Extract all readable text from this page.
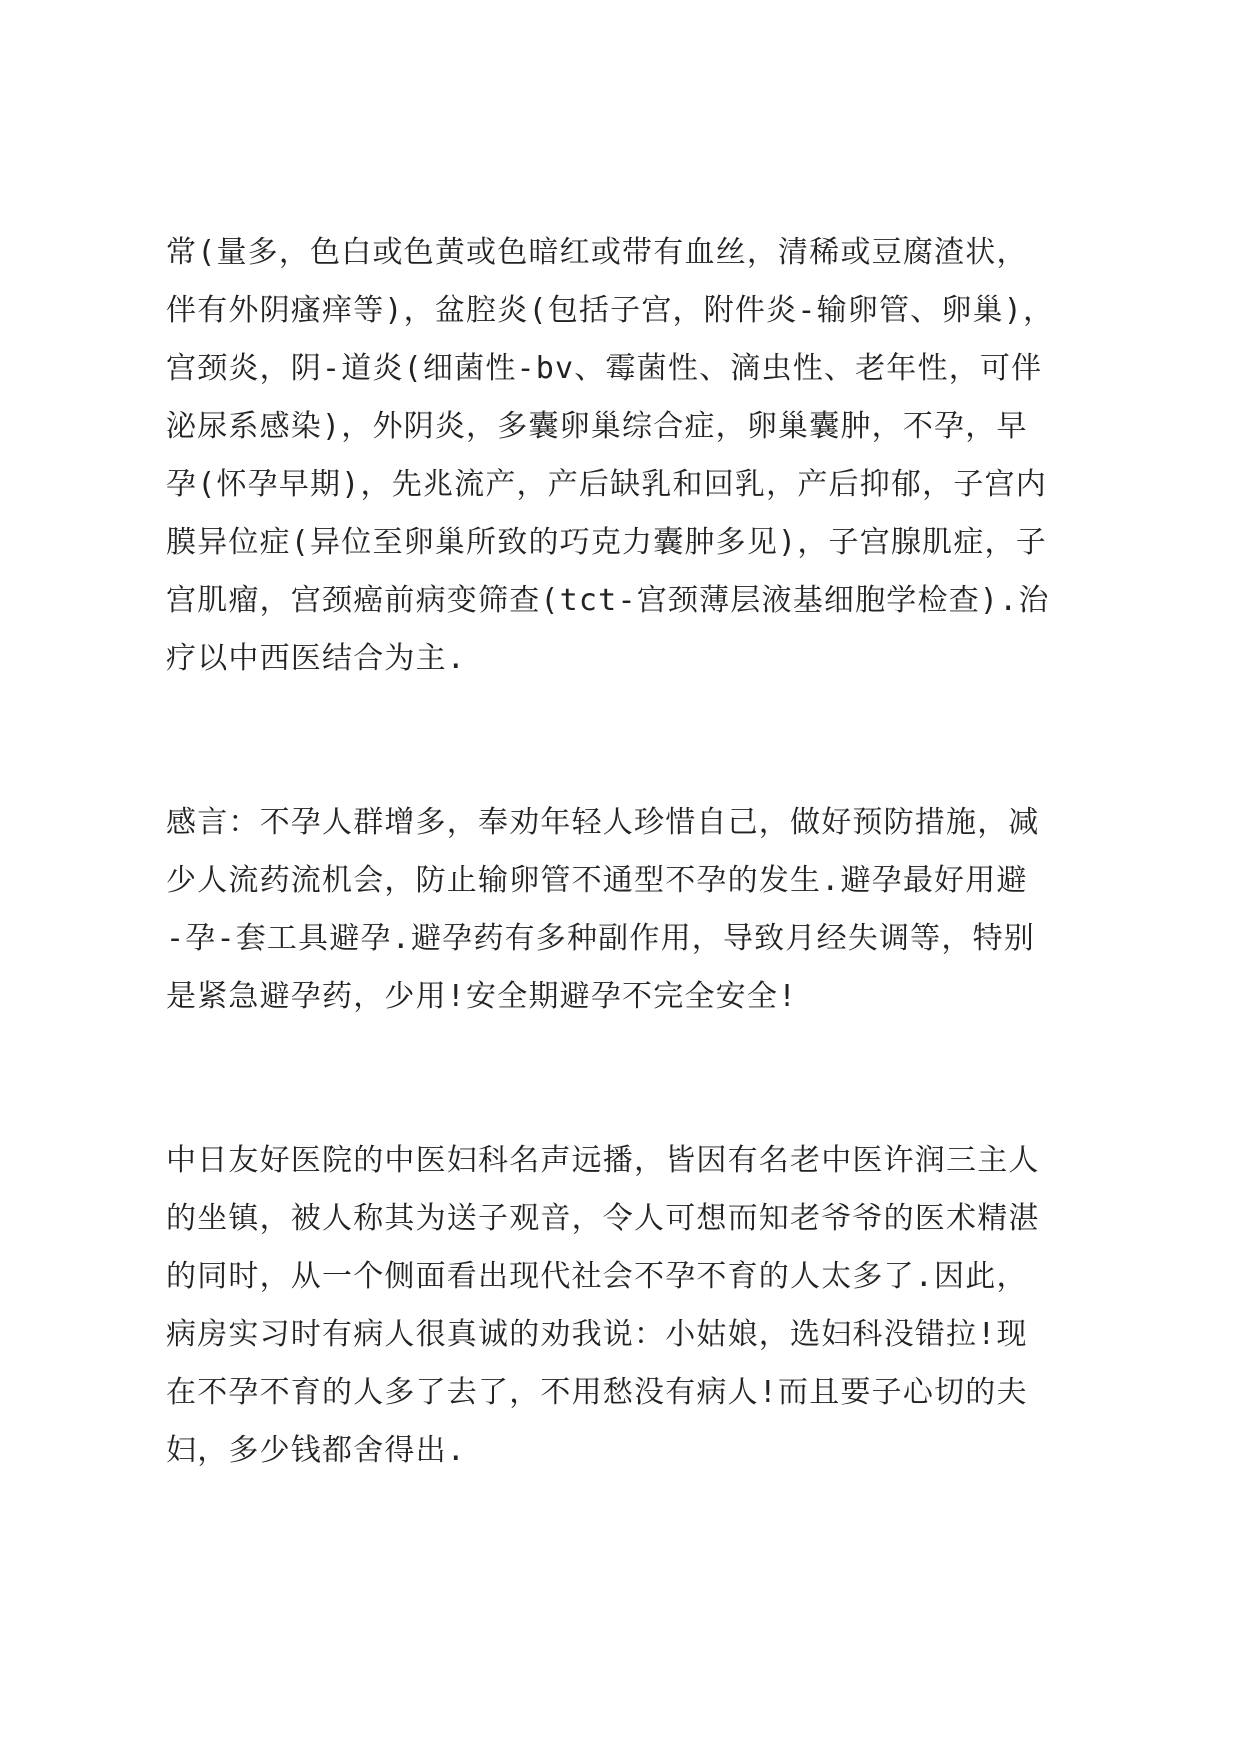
常(量多，色白或色黄或色暗红或带有血丝，清稀或豆腐渣状，
伴有外阴瘙痒等)，盆腔炎(包括子宫，附件炎-输卵管、卵巢)，
宫颈炎，阴-道炎(细菌性-bv、霉菌性、滴虫性、老年性，可伴
泌尿系感染)，外阴炎，多囊卵巢综合症，卵巢囊肿，不孕，早
孕(怀孕早期)，先兆流产，产后缺乳和回乳，产后抑郁，子宫内
膜异位症(异位至卵巢所致的巧克力囊肿多见)，子宫腺肌症，子
宫肌瘤，宫颈癌前病变筛查(tct-宫颈薄层液基细胞学检查).治
疗以中西医结合为主.
感言：不孕人群增多，奉劝年轻人珍惜自己，做好预防措施，减
少人流药流机会，防止输卵管不通型不孕的发生.避孕最好用避
-孕-套工具避孕.避孕药有多种副作用，导致月经失调等，特别
是紧急避孕药，少用!安全期避孕不完全安全!
中日友好医院的中医妇科名声远播，皆因有名老中医许润三主人
的坐镇，被人称其为送子观音，令人可想而知老爷爷的医术精湛
的同时，从一个侧面看出现代社会不孕不育的人太多了.因此，
病房实习时有病人很真诚的劝我说：小姑娘，选妇科没错拉!现
在不孕不育的人多了去了，不用愁没有病人!而且要子心切的夫
妇，多少钱都舍得出.
